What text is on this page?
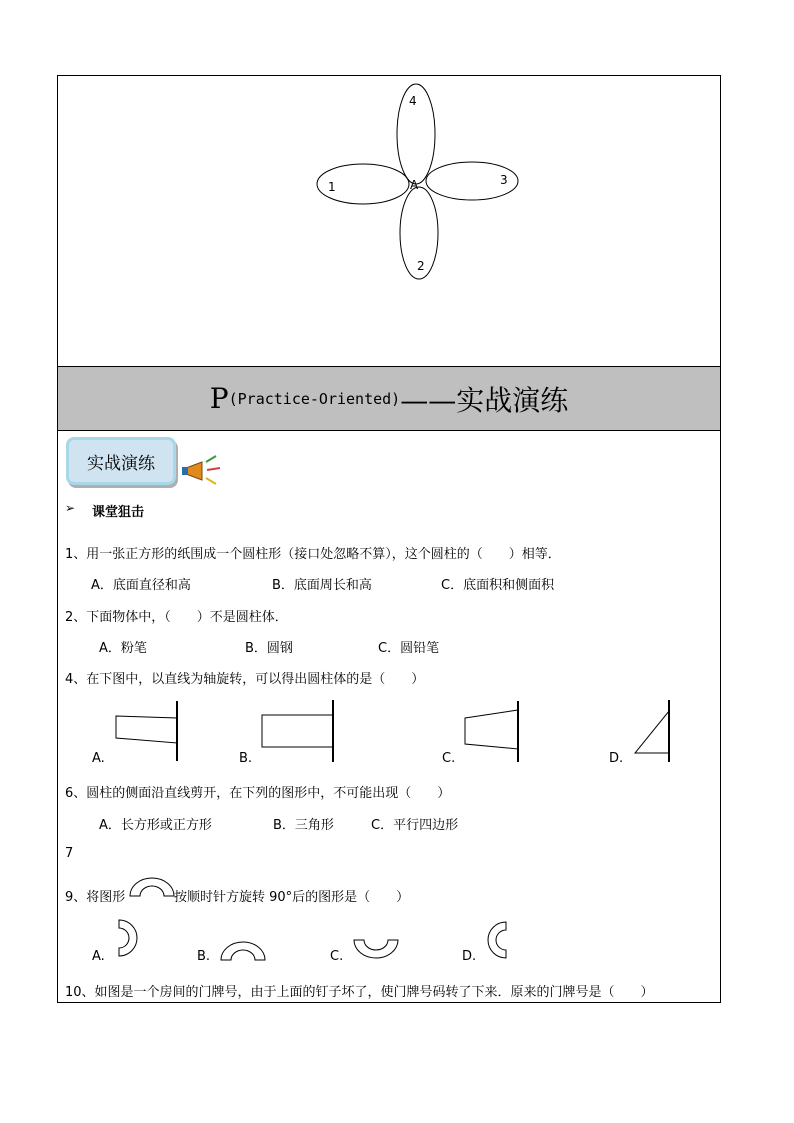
A
1
2
3
4
P (Practice-Oriented) ——实战演练
实战演练
➢ 课堂狙击
1、用一张正方形的纸围成一个圆柱形（接口处忽略不算），这个圆柱的（　　）相等．
A．底面直径和高	B．底面周长和高	C．底面积和侧面积
2、下面物体中，（　　）不是圆柱体．
A．粉笔	B．圆钢	C．圆铅笔
4、在下图中，以直线为轴旋转，可以得出圆柱体的是（　　）
A.	B.	C.	D.
6、圆柱的侧面沿直线剪开，在下列的图形中，不可能出现（　　）
A．长方形或正方形	B．三角形	C．平行四边形
7
9、将图形	按顺时针方旋转 90°后的图形是（　　）
A.	B.	C.	D.
10、如图是一个房间的门牌号，由于上面的钉子坏了，使门牌号码转了下来．原来的门牌号是（　　）
